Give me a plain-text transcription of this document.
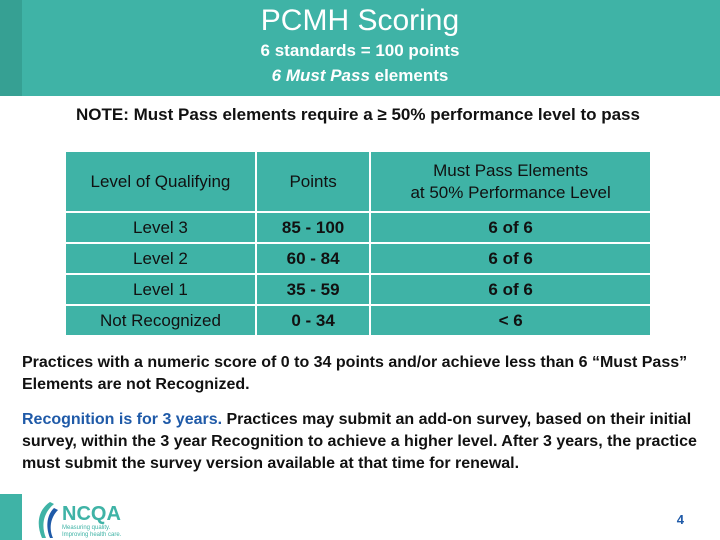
PCMH Scoring
6 standards = 100 points
6 Must Pass elements
NOTE: Must Pass elements require a ≥ 50% performance level to pass
Level of Qualifying	Points	Must Pass Elements
at 50% Performance Level
Level 3	85 - 100	6 of 6
Level 2	60 - 84	6 of 6
Level 1	35 - 59	6 of 6
Not Recognized	0 - 34	< 6
Practices with a numeric score of 0 to 34 points and/or achieve less than 6 “Must Pass” Elements are not Recognized.
Recognition is for 3 years. Practices may submit an add-on survey, based on their initial survey, within the 3 year Recognition to achieve a higher level. After 3 years, the practice must submit the survey version available at that time for renewal.
NCQA
Measuring quality.
Improving health care.
4
